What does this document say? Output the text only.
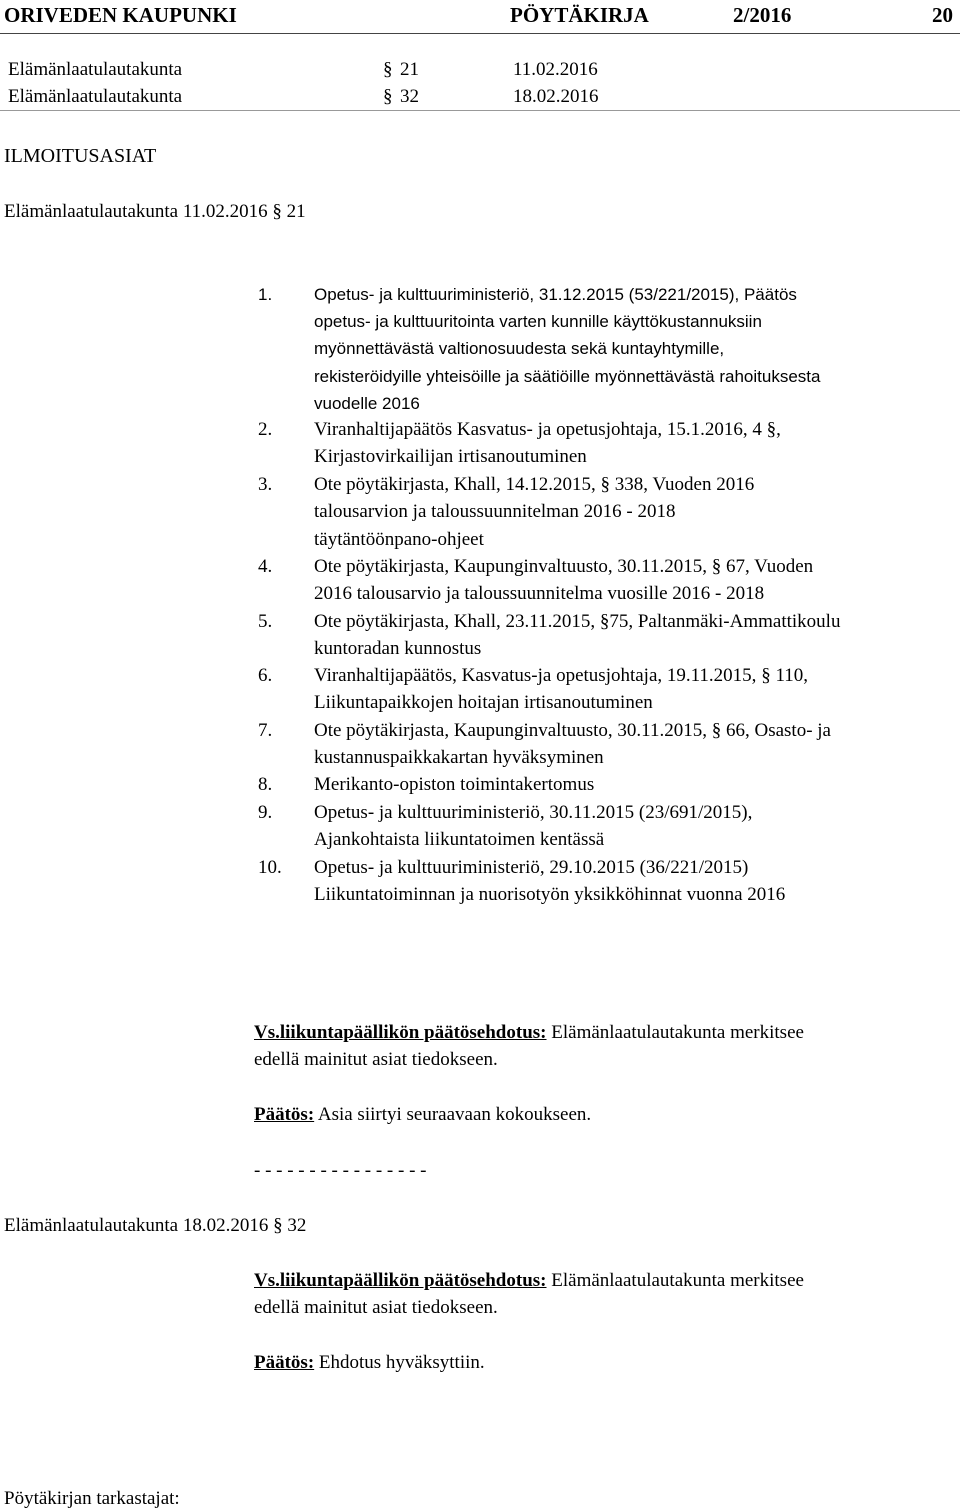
ORIVEDEN KAUPUNKI	PÖYTÄKIRJA	2/2016	20
Elämänlaatulautakunta	§ 21	11.02.2016
Elämänlaatulautakunta	§ 32	18.02.2016
ILMOITUSASIAT
Elämänlaatulautakunta 11.02.2016 § 21
1. Opetus- ja kulttuuriministeriö, 31.12.2015 (53/221/2015), Päätös
opetus- ja kulttuuritointa varten kunnille käyttökustannuksiin
myönnettävästä valtionosuudesta sekä kuntayhtymille,
rekisteröidyille yhteisöille ja säätiöille myönnettävästä rahoituksesta
vuodelle 2016
2. Viranhaltijapäätös Kasvatus- ja opetusjohtaja, 15.1.2016, 4 §,
Kirjastovirkailijan irtisanoutuminen
3. Ote pöytäkirjasta, Khall, 14.12.2015, § 338, Vuoden 2016
talousarvion ja taloussuunnitelman 2016 - 2018
täytäntöönpano-ohjeet
4. Ote pöytäkirjasta, Kaupunginvaltuusto, 30.11.2015, § 67, Vuoden
2016 talousarvio ja taloussuunnitelma vuosille 2016 - 2018
5. Ote pöytäkirjasta, Khall, 23.11.2015, §75, Paltanmäki-Ammattikoulu
kuntoradan kunnostus
6. Viranhaltijapäätös, Kasvatus-ja opetusjohtaja, 19.11.2015, § 110,
Liikuntapaikkojen hoitajan irtisanoutuminen
7. Ote pöytäkirjasta, Kaupunginvaltuusto, 30.11.2015, § 66, Osasto- ja
kustannuspaikkakartan hyväksyminen
8. Merikanto-opiston toimintakertomus
9. Opetus- ja kulttuuriministeriö, 30.11.2015 (23/691/2015),
Ajankohtaista liikuntatoimen kentässä
10. Opetus- ja kulttuuriministeriö, 29.10.2015 (36/221/2015)
Liikuntatoiminnan ja nuorisotyön yksikköhinnat vuonna 2016
Vs.liikuntapäällikön päätösehdotus: Elämänlaatulautakunta merkitsee
edellä mainitut asiat tiedokseen.
Päätös: Asia siirtyi seuraavaan kokoukseen.
- - - - - - - - - - - - - - - -
Elämänlaatulautakunta 18.02.2016 § 32
Vs.liikuntapäällikön päätösehdotus: Elämänlaatulautakunta merkitsee
edellä mainitut asiat tiedokseen.
Päätös: Ehdotus hyväksyttiin.
Pöytäkirjan tarkastajat:
